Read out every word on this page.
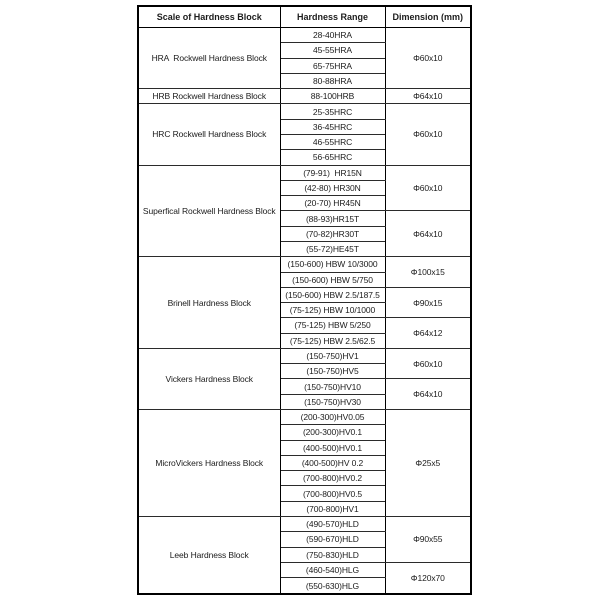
Scale of Hardness Block	Hardness Range	Dimension (mm)
HRA  Rockwell Hardness Block	28-40HRA	Φ60x10
	45-55HRA	
	65-75HRA	
	80-88HRA	
HRB Rockwell Hardness Block	88-100HRB	Φ64x10
HRC Rockwell Hardness Block	25-35HRC	Φ60x10
	36-45HRC	
	46-55HRC	
	56-65HRC	
Superfical Rockwell Hardness Block	(79-91)  HR15N	Φ60x10
	(42-80) HR30N	
	(20-70) HR45N	
	(88-93)HR15T	Φ64x10
	(70-82)HR30T	
	(55-72)HE45T	
Brinell Hardness Block	(150-600) HBW 10/3000	Φ100x15
	(150-600) HBW 5/750	
	(150-600) HBW 2.5/187.5	Φ90x15
	(75-125) HBW 10/1000	
	(75-125) HBW 5/250	Φ64x12
	(75-125) HBW 2.5/62.5	
Vickers Hardness Block	(150-750)HV1	Φ60x10
	(150-750)HV5	
	(150-750)HV10	Φ64x10
	(150-750)HV30	
MicroVickers Hardness Block	(200-300)HV0.05	Φ25x5
	(200-300)HV0.1	
	(400-500)HV0.1	
	(400-500)HV 0.2	
	(700-800)HV0.2	
	(700-800)HV0.5	
	(700-800)HV1	
Leeb Hardness Block	(490-570)HLD	Φ90x55
	(590-670)HLD	
	(750-830)HLD	
	(460-540)HLG	Φ120x70
	(550-630)HLG	
